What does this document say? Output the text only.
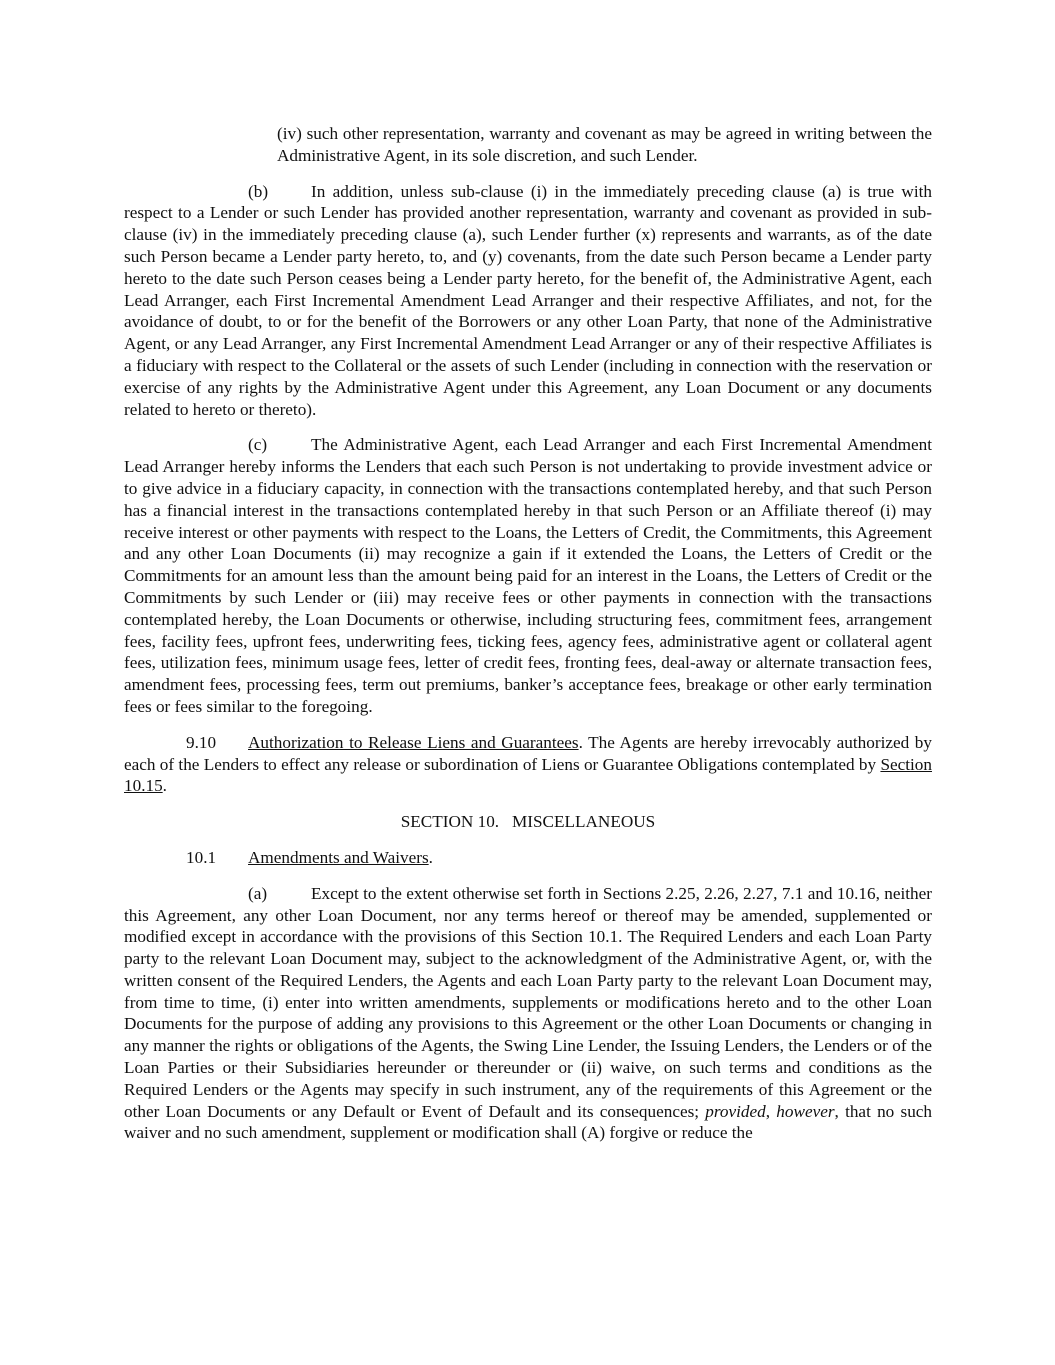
(iv) such other representation, warranty and covenant as may be agreed in writing between the Administrative Agent, in its sole discretion, and such Lender.

(b) In addition, unless sub-clause (i) in the immediately preceding clause (a) is true with respect to a Lender or such Lender has provided another representation, warranty and covenant as provided in sub-clause (iv) in the immediately preceding clause (a), such Lender further (x) represents and warrants, as of the date such Person became a Lender party hereto, to, and (y) covenants, from the date such Person became a Lender party hereto to the date such Person ceases being a Lender party hereto, for the benefit of, the Administrative Agent, each Lead Arranger, each First Incremental Amendment Lead Arranger and their respective Affiliates, and not, for the avoidance of doubt, to or for the benefit of the Borrowers or any other Loan Party, that none of the Administrative Agent, or any Lead Arranger, any First Incremental Amendment Lead Arranger or any of their respective Affiliates is a fiduciary with respect to the Collateral or the assets of such Lender (including in connection with the reservation or exercise of any rights by the Administrative Agent under this Agreement, any Loan Document or any documents related to hereto or thereto).

(c)	The Administrative Agent, each Lead Arranger and each First Incremental Amendment Lead Arranger hereby informs the Lenders that each such Person is not undertaking to provide investment advice or to give advice in a fiduciary capacity, in connection with the transactions contemplated hereby, and that such Person has a financial interest in the transactions contemplated hereby in that such Person or an Affiliate thereof (i) may receive interest or other payments with respect to the Loans, the Letters of Credit, the Commitments, this Agreement and any other Loan Documents (ii) may recognize a gain if it extended the Loans, the Letters of Credit or the Commitments for an amount less than the amount being paid for an interest in the Loans, the Letters of Credit or the Commitments by such Lender or (iii) may receive fees or other payments in connection with the transactions contemplated hereby, the Loan Documents or otherwise, including structuring fees, commitment fees, arrangement fees, facility fees, upfront fees, underwriting fees, ticking fees, agency fees, administrative agent or collateral agent fees, utilization fees, minimum usage fees, letter of credit fees, fronting fees, deal-away or alternate transaction fees, amendment fees, processing fees, term out premiums, banker’s acceptance fees, breakage or other early termination fees or fees similar to the foregoing.

9.10 Authorization to Release Liens and Guarantees. The Agents are hereby irrevocably authorized by each of the Lenders to effect any release or subordination of Liens or Guarantee Obligations contemplated by Section 10.15.

SECTION 10.   MISCELLANEOUS

10.1 Amendments and Waivers.

(a)	Except to the extent otherwise set forth in Sections 2.25, 2.26, 2.27, 7.1 and 10.16, neither this Agreement, any other Loan Document, nor any terms hereof or thereof may be amended, supplemented or modified except in accordance with the provisions of this Section 10.1. The Required Lenders and each Loan Party party to the relevant Loan Document may, subject to the acknowledgment of the Administrative Agent, or, with the written consent of the Required Lenders, the Agents and each Loan Party party to the relevant Loan Document may, from time to time, (i) enter into written amendments, supplements or modifications hereto and to the other Loan Documents for the purpose of adding any provisions to this Agreement or the other Loan Documents or changing in any manner the rights or obligations of the Agents, the Swing Line Lender, the Issuing Lenders, the Lenders or of the Loan Parties or their Subsidiaries hereunder or thereunder or (ii) waive, on such terms and conditions as the Required Lenders or the Agents may specify in such instrument, any of the requirements of this Agreement or the other Loan Documents or any Default or Event of Default and its consequences; provided, however, that no such waiver and no such amendment, supplement or modification shall (A) forgive or reduce the
